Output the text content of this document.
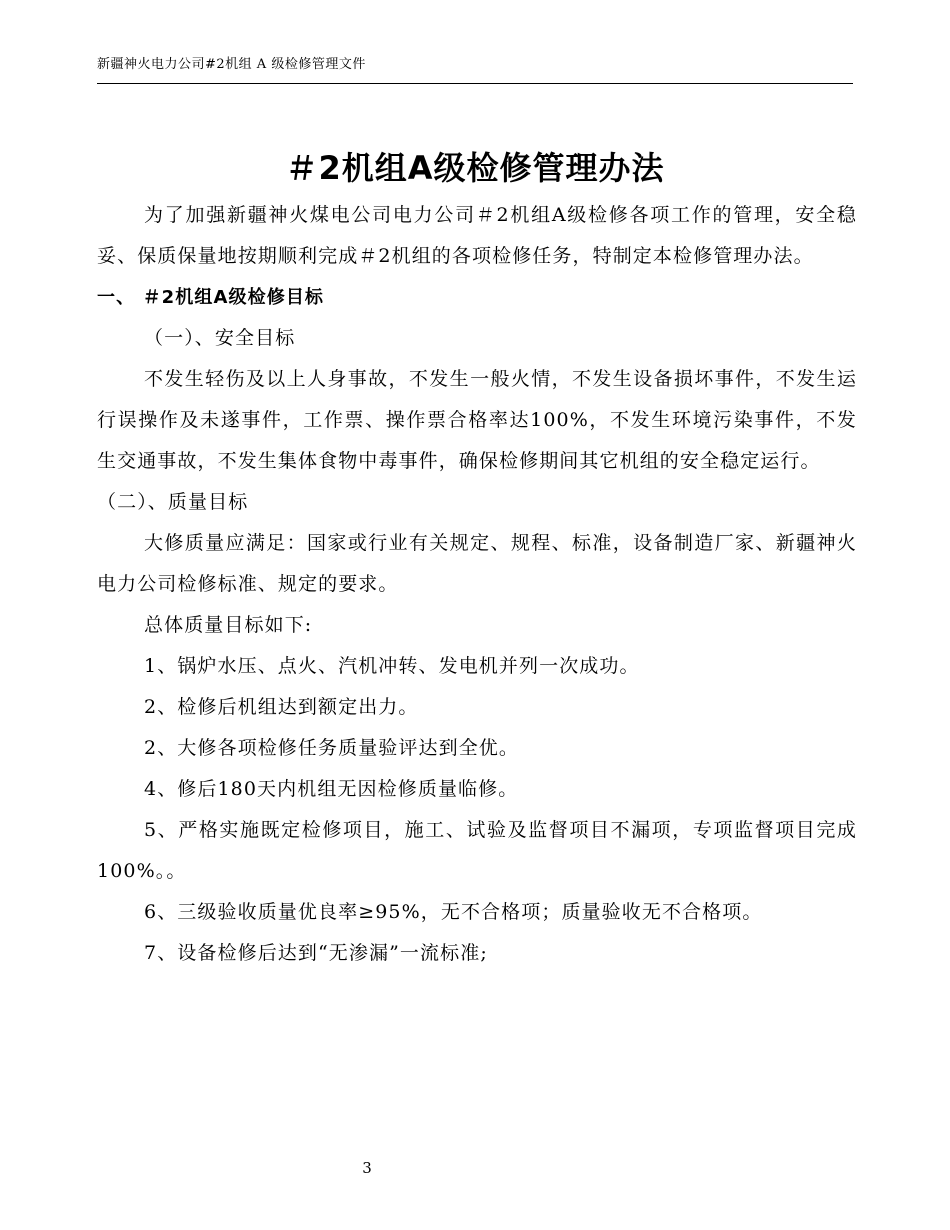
新疆神火电力公司#2机组 A 级检修管理文件
＃2机组A级检修管理办法

为了加强新疆神火煤电公司电力公司＃2机组A级检修各项工作的管理，安全稳妥、保质保量地按期顺利完成＃2机组的各项检修任务，特制定本检修管理办法。

一、 ＃2机组A级检修目标

（一）、安全目标

不发生轻伤及以上人身事故，不发生一般火情，不发生设备损坏事件，不发生运行误操作及未遂事件，工作票、操作票合格率达100%，不发生环境污染事件，不发生交通事故，不发生集体食物中毒事件，确保检修期间其它机组的安全稳定运行。

（二）、质量目标

大修质量应满足：国家或行业有关规定、规程、标准，设备制造厂家、新疆神火电力公司检修标准、规定的要求。

总体质量目标如下:

1、锅炉水压、点火、汽机冲转、发电机并列一次成功。

2、检修后机组达到额定出力。

2、大修各项检修任务质量验评达到全优。

4、修后180天内机组无因检修质量临修。

5、严格实施既定检修项目，施工、试验及监督项目不漏项，专项监督项目完成100%。。

6、三级验收质量优良率≥95%，无不合格项；质量验收无不合格项。

7、设备检修后达到“无渗漏”一流标准;

3
